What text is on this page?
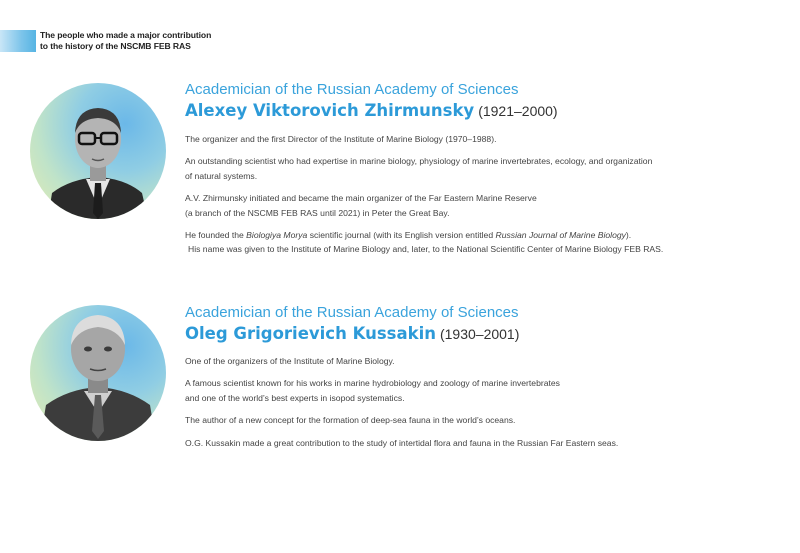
The people who made a major contribution
to the history of the NSCMB FEB RAS
Academician of the Russian Academy of Sciences
Alexey Viktorovich Zhirmunsky (1921–2000)
The organizer and the first Director of the Institute of Marine Biology (1970–1988).
An outstanding scientist who had expertise in marine biology, physiology of marine invertebrates, ecology, and organization
of natural systems.
A.V. Zhirmunsky initiated and became the main organizer of the Far Eastern Marine Reserve
(a branch of the NSCMB FEB RAS until 2021) in Peter the Great Bay.
He founded the Biologiya Morya scientific journal (with its English version entitled Russian Journal of Marine Biology).
His name was given to the Institute of Marine Biology and, later, to the National Scientific Center of Marine Biology FEB RAS.
Academician of the Russian Academy of Sciences
Oleg Grigorievich Kussakin (1930–2001)
One of the organizers of the Institute of Marine Biology.
A famous scientist known for his works in marine hydrobiology and zoology of marine invertebrates
and one of the world’s best experts in isopod systematics.
The author of a new concept for the formation of deep-sea fauna in the world’s oceans.
O.G. Kussakin made a great contribution to the study of intertidal flora and fauna in the Russian Far Eastern seas.
